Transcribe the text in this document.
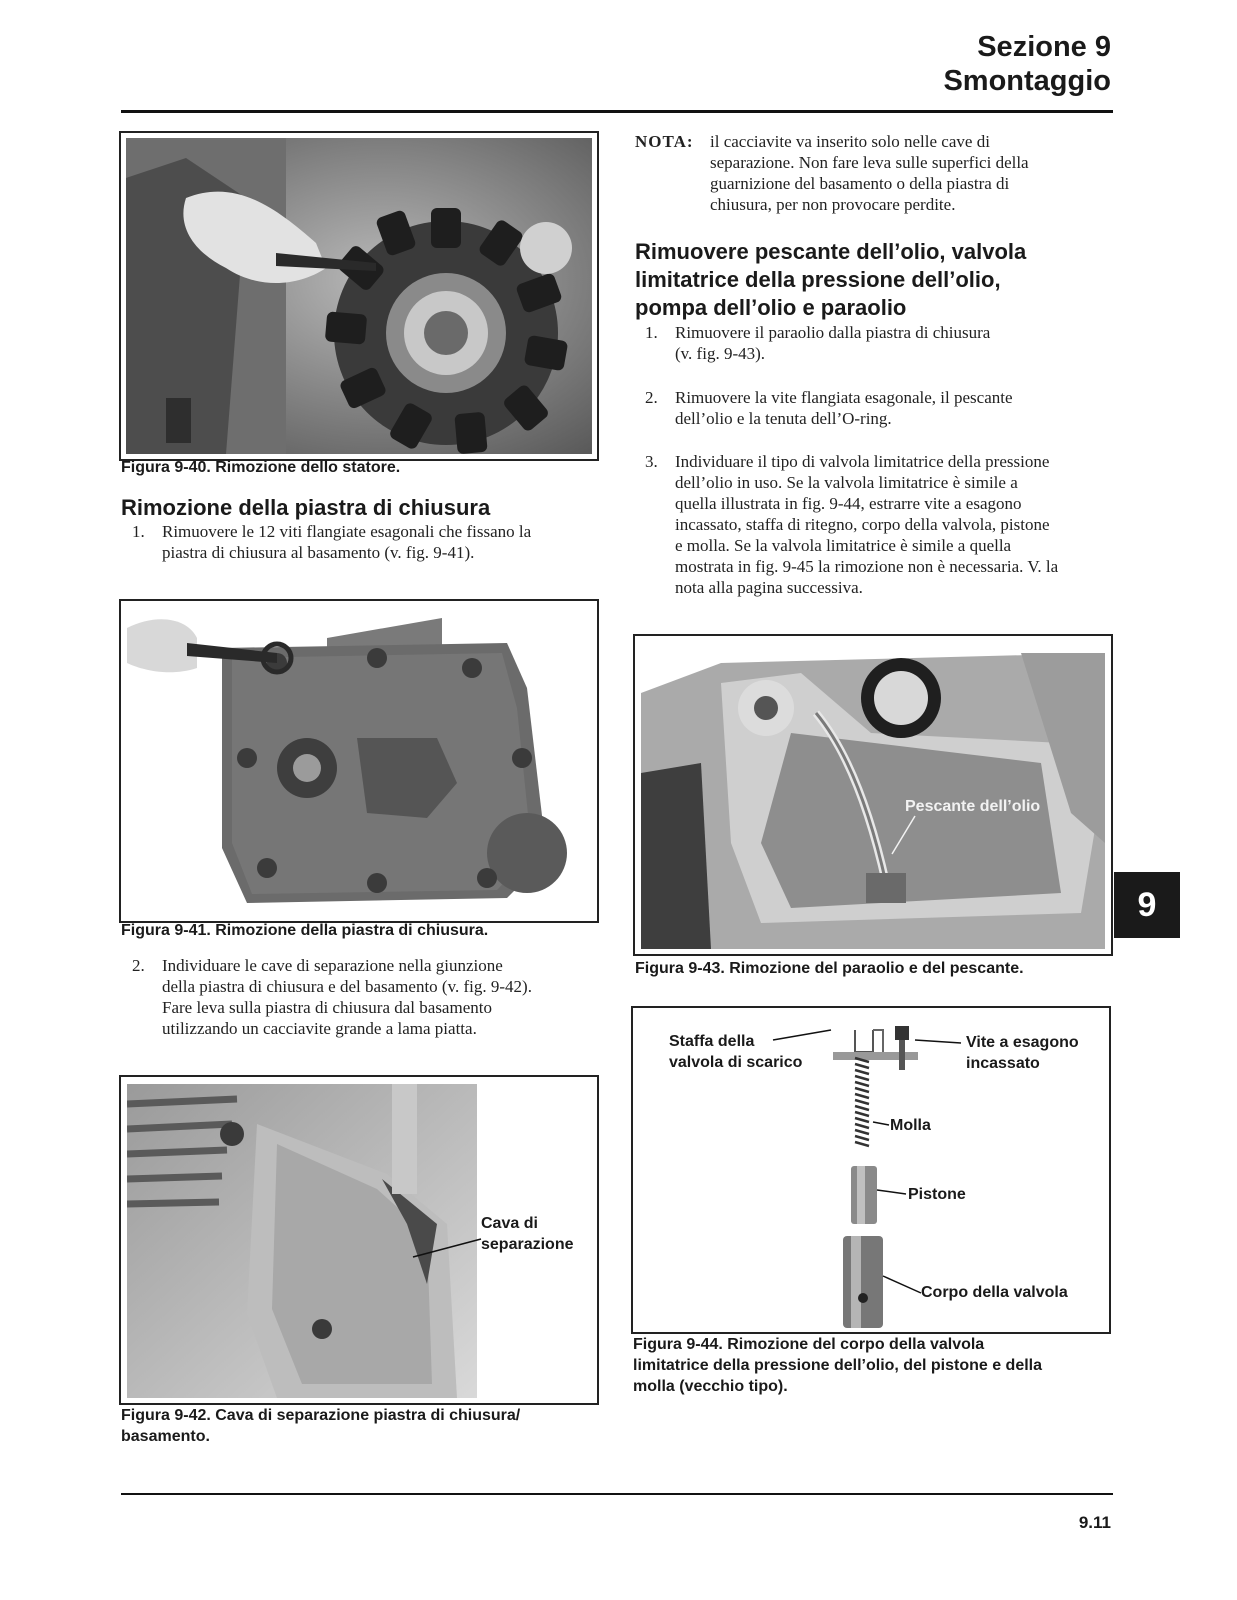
Sezione 9
Smontaggio
Figura 9-40. Rimozione dello statore.
Rimozione della piastra di chiusura
1. Rimuovere le 12 viti flangiate esagonali che fissano la
piastra di chiusura al basamento (v. fig. 9-41).
Figura 9-41. Rimozione della piastra di chiusura.
2. Individuare le cave di separazione nella giunzione
della piastra di chiusura e del basamento (v. fig. 9-42).
Fare leva sulla piastra di chiusura dal basamento
utilizzando un cacciavite grande a lama piatta.
Cava di
separazione
Figura 9-42. Cava di separazione piastra di chiusura/
basamento.
NOTA: il cacciavite va inserito solo nelle cave di
separazione. Non fare leva sulle superfici della
guarnizione del basamento o della piastra di
chiusura, per non provocare perdite.
Rimuovere pescante dell’olio, valvola
limitatrice della pressione dell’olio,
pompa dell’olio e paraolio
1. Rimuovere il paraolio dalla piastra di chiusura
(v. fig. 9-43).
2. Rimuovere la vite flangiata esagonale, il pescante
dell’olio e la tenuta dell’O-ring.
3. Individuare il tipo di valvola limitatrice della pressione
dell’olio in uso. Se la valvola limitatrice è simile a
quella illustrata in fig. 9-44, estrarre vite a esagono
incassato, staffa di ritegno, corpo della valvola, pistone
e molla. Se la valvola limitatrice è simile a quella
mostrata in fig. 9-45 la rimozione non è necessaria. V. la
nota alla pagina successiva.
Pescante dell’olio
Figura 9-43. Rimozione del paraolio e del pescante.
Staffa della
valvola di scarico
Vite a esagono
incassato
Molla
Pistone
Corpo della valvola
Figura 9-44. Rimozione del corpo della valvola
limitatrice della pressione dell’olio, del pistone e della
molla (vecchio tipo).
9
9.11
